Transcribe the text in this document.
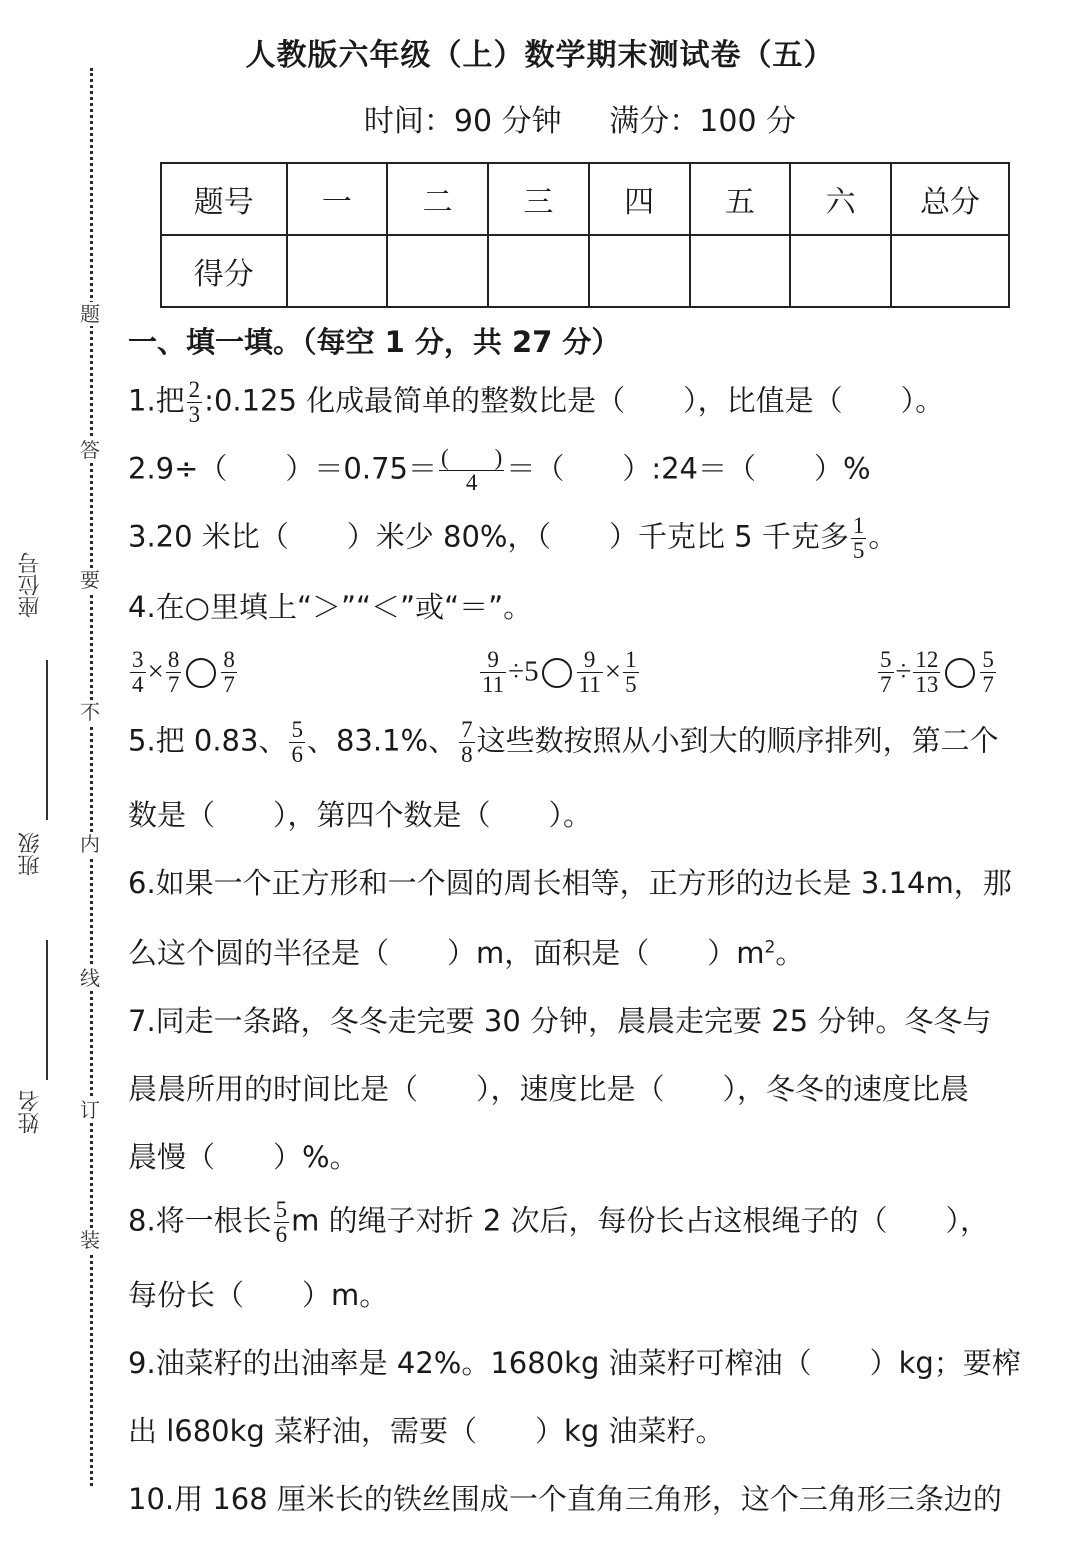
座位号
班级
姓名
题
答
要
不
内
线
订
装
人教版六年级（上）数学期末测试卷（五）
时间：90 分钟     满分：100 分
题号	一	二	三	四	五	六	总分
得分							
一、填一填。（每空 1 分，共 27 分）
1.把 $\frac{2}{3}$ :0.125 化成最简单的整数比是（　　），比值是（　　）。
2.9÷（　　）$=0.75= \frac{( )}{4}$ ＝（　　）:24＝（　　）%
3.20 米比（　　）米少 80%，（　　）千克比 5 千克多 $\frac{1}{5}$ 。
4.在○里填上“＞”“＜”或“＝”。
$\frac{3}{4} \times \frac{8}{7} \frac{8}{7}$	$\frac{9}{11} \div 5 \frac{9}{11} \times \frac{1}{5}$	$\frac{5}{7} \div \frac{12}{13} \frac{5}{7}$
5.把 0.83、 $\frac{5}{6}$ 、83.1%、 $\frac{7}{8}$ 这些数按照从小到大的顺序排列，第二个
数是（　　），第四个数是（　　）。
6.如果一个正方形和一个圆的周长相等，正方形的边长是 3.14m，那
么这个圆的半径是（　　）m，面积是（　　）$m^2$。
7.同走一条路，冬冬走完要 30 分钟，晨晨走完要 25 分钟。冬冬与
晨晨所用的时间比是（　　），速度比是（　　），冬冬的速度比晨
晨慢（　　）%。
8.将一根长 $\frac{5}{6}$ m 的绳子对折 2 次后，每份长占这根绳子的（　　），
每份长（　　）m。
9.油菜籽的出油率是 42%。1680kg 油菜籽可榨油（　　）kg；要榨
出 l680kg 菜籽油，需要（　　）kg 油菜籽。
10.用 168 厘米长的铁丝围成一个直角三角形，这个三角形三条边的
